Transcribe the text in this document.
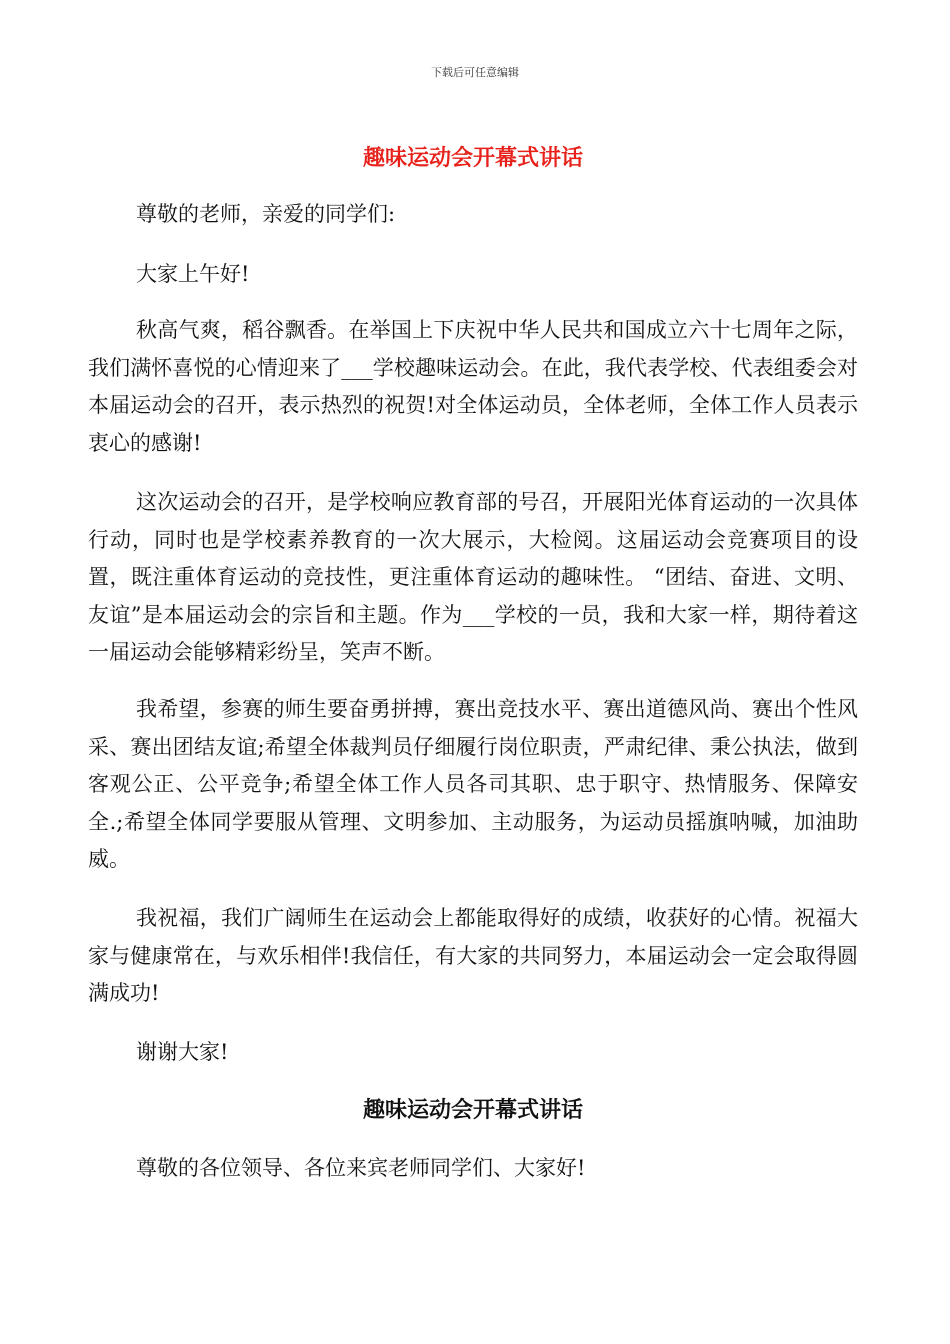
下载后可任意编辑
趣味运动会开幕式讲话

尊敬的老师，亲爱的同学们:

大家上午好!

秋高气爽，稻谷飘香。在举国上下庆祝中华人民共和国成立六十七周年之际，我们满怀喜悦的心情迎来了___学校趣味运动会。在此，我代表学校、代表组委会对本届运动会的召开，表示热烈的祝贺!对全体运动员，全体老师，全体工作人员表示衷心的感谢!

这次运动会的召开，是学校响应教育部的号召，开展阳光体育运动的一次具体行动，同时也是学校素养教育的一次大展示，大检阅。这届运动会竞赛项目的设置，既注重体育运动的竞技性，更注重体育运动的趣味性。 “团结、奋进、文明、友谊”是本届运动会的宗旨和主题。作为___学校的一员，我和大家一样，期待着这一届运动会能够精彩纷呈，笑声不断。

我希望，参赛的师生要奋勇拼搏，赛出竞技水平、赛出道德风尚、赛出个性风采、赛出团结友谊;希望全体裁判员仔细履行岗位职责，严肃纪律、秉公执法，做到客观公正、公平竞争;希望全体工作人员各司其职、忠于职守、热情服务、保障安全.;希望全体同学要服从管理、文明参加、主动服务，为运动员摇旗呐喊，加油助威。

我祝福，我们广阔师生在运动会上都能取得好的成绩，收获好的心情。祝福大家与健康常在，与欢乐相伴!我信任，有大家的共同努力，本届运动会一定会取得圆满成功!

谢谢大家!

趣味运动会开幕式讲话

尊敬的各位领导、各位来宾老师同学们、大家好!
